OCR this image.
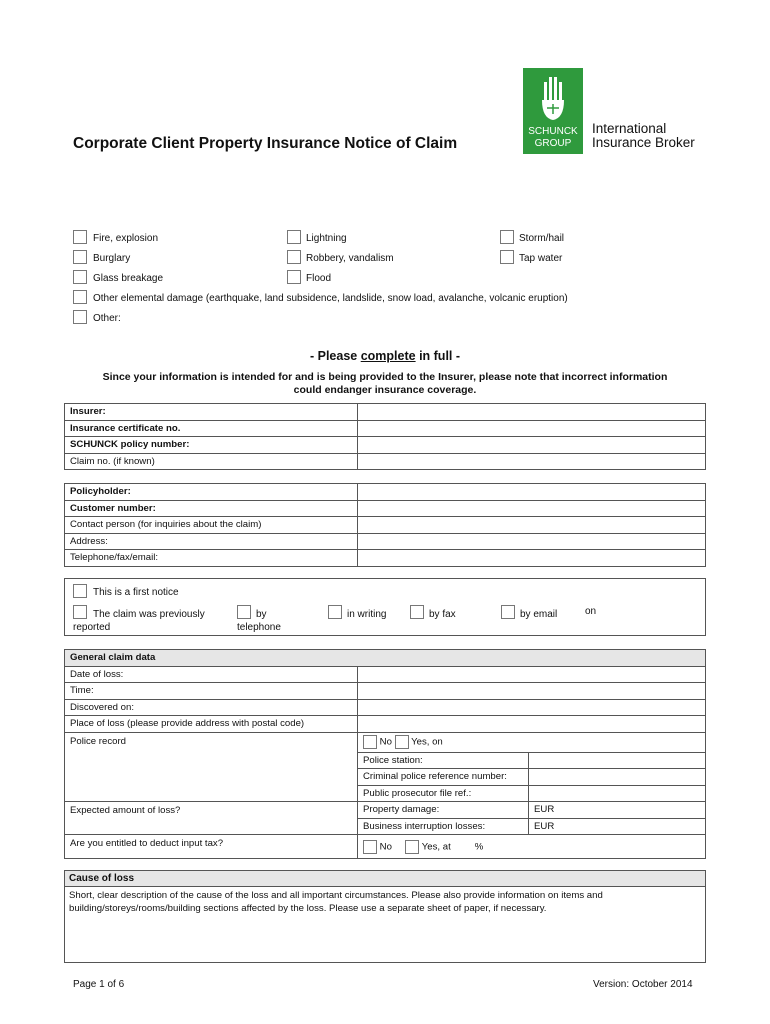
Corporate Client Property Insurance Notice of Claim
SCHUNCK
GROUP
International
Insurance Broker
Fire, explosion	Lightning	Storm/hail
Burglary	Robbery, vandalism	Tap water
Glass breakage	Flood
Other elemental damage (earthquake, land subsidence, landslide, snow load, avalanche, volcanic eruption)
Other:
- Please complete in full -
Since your information is intended for and is being provided to the Insurer, please note that incorrect information
could endanger insurance coverage.
Insurer:	
Insurance certificate no.	
SCHUNCK policy number:	
Claim no. (if known)	
Policyholder:	
Customer number:	
Contact person (for inquiries about the claim)	
Address:	
Telephone/fax/email:	
This is a first notice
The claim was previously
reported
by
telephone
in writing	by fax	by email	on
General claim data		
Date of loss:		
Time:		
Discovered on:		
Place of loss (please provide address with postal code)		
Police record	No Yes, on	
	Police station:	
	Criminal police reference number:	
	Public prosecutor file ref.:	
Expected amount of loss?	Property damage:	EUR
	Business interruption losses:	EUR
Are you entitled to deduct input tax?	No Yes, at %	
Cause of loss
Short, clear description of the cause of the loss and all important circumstances. Please also provide information on items and
building/storeys/rooms/building sections affected by the loss. Please use a separate sheet of paper, if necessary.
Page 1 of 6	Version: October 2014
